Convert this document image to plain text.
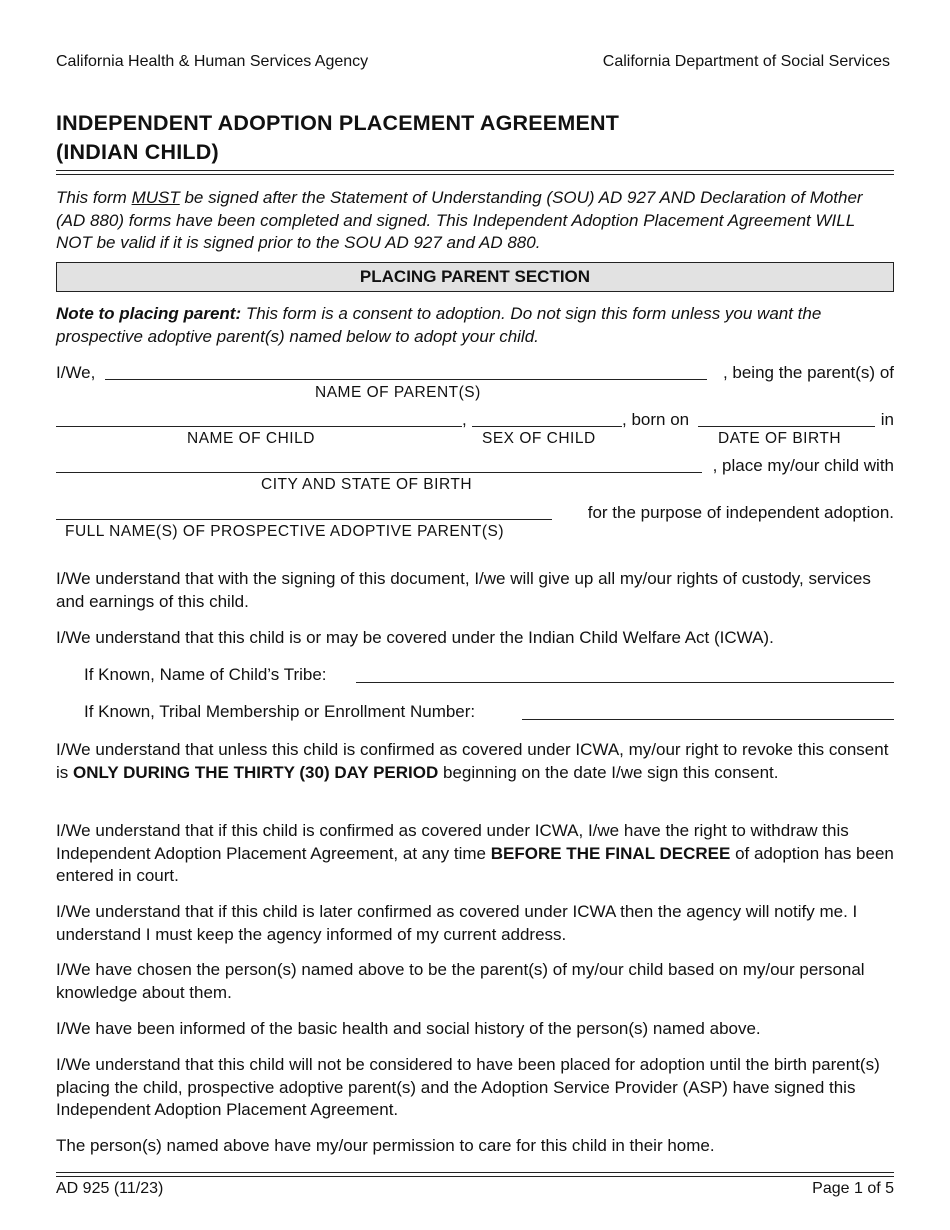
California Health & Human Services Agency	California Department of Social Services
INDEPENDENT ADOPTION PLACEMENT AGREEMENT
(INDIAN CHILD)
This form MUST be signed after the Statement of Understanding (SOU) AD 927 AND Declaration of Mother (AD 880) forms have been completed and signed. This Independent Adoption Placement Agreement WILL NOT be valid if it is signed prior to the SOU AD 927 and AD 880.
PLACING PARENT SECTION
Note to placing parent: This form is a consent to adoption. Do not sign this form unless you want the prospective adoptive parent(s) named below to adopt your child.
I/We,	, being the parent(s) of
NAME OF PARENT(S)
,	, born on	in
NAME OF CHILD	SEX OF CHILD	DATE OF BIRTH
, place my/our child with
CITY AND STATE OF BIRTH
for the purpose of independent adoption.
FULL NAME(S) OF PROSPECTIVE ADOPTIVE PARENT(S)
I/We understand that with the signing of this document, I/we will give up all my/our rights of custody, services and earnings of this child.
I/We understand that this child is or may be covered under the Indian Child Welfare Act (ICWA).
If Known, Name of Child’s Tribe:
If Known, Tribal Membership or Enrollment Number:
I/We understand that unless this child is confirmed as covered under ICWA, my/our right to revoke this consent is ONLY DURING THE THIRTY (30) DAY PERIOD beginning on the date I/we sign this consent.
I/We understand that if this child is confirmed as covered under ICWA, I/we have the right to withdraw this Independent Adoption Placement Agreement, at any time BEFORE THE FINAL DECREE of adoption has been entered in court.
I/We understand that if this child is later confirmed as covered under ICWA then the agency will notify me. I understand I must keep the agency informed of my current address.
I/We have chosen the person(s) named above to be the parent(s) of my/our child based on my/our personal knowledge about them.
I/We have been informed of the basic health and social history of the person(s) named above.
I/We understand that this child will not be considered to have been placed for adoption until the birth parent(s) placing the child, prospective adoptive parent(s) and the Adoption Service Provider (ASP) have signed this Independent Adoption Placement Agreement.
The person(s) named above have my/our permission to care for this child in their home.
AD 925 (11/23)	Page 1 of 5
